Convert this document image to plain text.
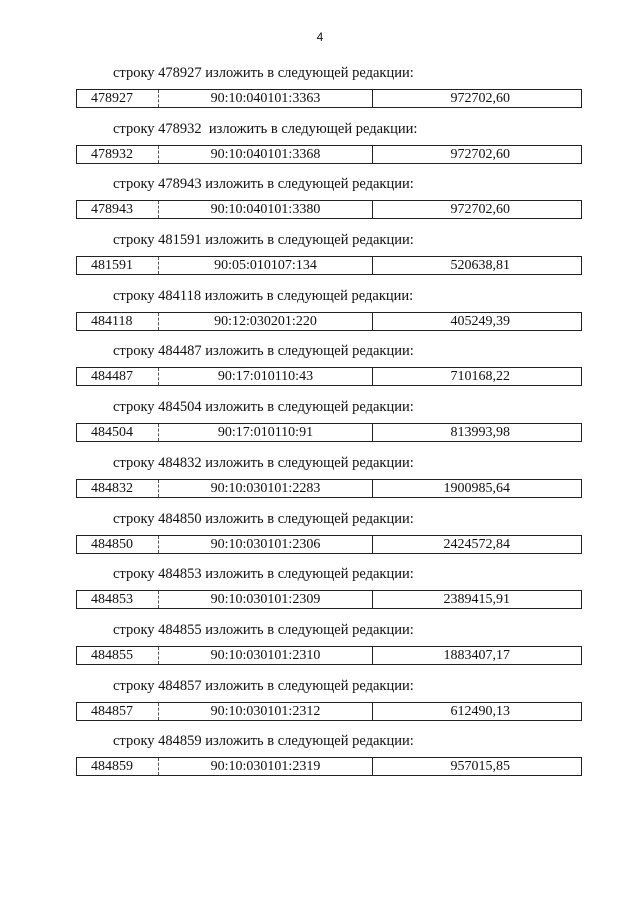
4
строку 478927 изложить в следующей редакции:
478927	90:10:040101:3363	972702,60
строку 478932  изложить в следующей редакции:
478932	90:10:040101:3368	972702,60
строку 478943 изложить в следующей редакции:
478943	90:10:040101:3380	972702,60
строку 481591 изложить в следующей редакции:
481591	90:05:010107:134	520638,81
строку 484118 изложить в следующей редакции:
484118	90:12:030201:220	405249,39
строку 484487 изложить в следующей редакции:
484487	90:17:010110:43	710168,22
строку 484504 изложить в следующей редакции:
484504	90:17:010110:91	813993,98
строку 484832 изложить в следующей редакции:
484832	90:10:030101:2283	1900985,64
строку 484850 изложить в следующей редакции:
484850	90:10:030101:2306	2424572,84
строку 484853 изложить в следующей редакции:
484853	90:10:030101:2309	2389415,91
строку 484855 изложить в следующей редакции:
484855	90:10:030101:2310	1883407,17
строку 484857 изложить в следующей редакции:
484857	90:10:030101:2312	612490,13
строку 484859 изложить в следующей редакции:
484859	90:10:030101:2319	957015,85
